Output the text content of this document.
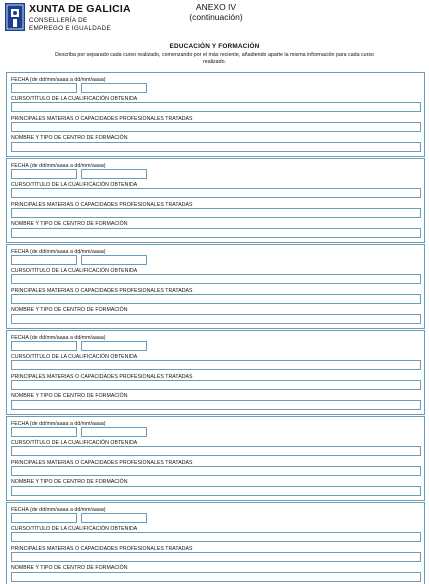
XUNTA DE GALICIA
CONSELLERÍA DE
EMPREGO E IGUALDADE
ANEXO IV
(continuación)
EDUCACIÓN Y FORMACIÓN
Describa por separado cada curso realizado, comenzando por el más reciente, añadiendo aparte la misma información para cada curso
realizado.
FECHA (de dd/mm/aaaa a dd/mm/aaaa)
CURSO/TÍTULO DE LA CUALIFICACIÓN OBTENIDA
PRINCIPALES MATERIAS O CAPACIDADES PROFESIONALES TRATADAS
NOMBRE Y TIPO DE CENTRO DE FORMACIÓN
FECHA (de dd/mm/aaaa a dd/mm/aaaa)
CURSO/TÍTULO DE LA CUALIFICACIÓN OBTENIDA
PRINCIPALES MATERIAS O CAPACIDADES PROFESIONALES TRATADAS
NOMBRE Y TIPO DE CENTRO DE FORMACIÓN
FECHA (de dd/mm/aaaa a dd/mm/aaaa)
CURSO/TÍTULO DE LA CUALIFICACIÓN OBTENIDA
PRINCIPALES MATERIAS O CAPACIDADES PROFESIONALES TRATADAS
NOMBRE Y TIPO DE CENTRO DE FORMACIÓN
FECHA (de dd/mm/aaaa a dd/mm/aaaa)
CURSO/TÍTULO DE LA CUALIFICACIÓN OBTENIDA
PRINCIPALES MATERIAS O CAPACIDADES PROFESIONALES TRATADAS
NOMBRE Y TIPO DE CENTRO DE FORMACIÓN
FECHA (de dd/mm/aaaa a dd/mm/aaaa)
CURSO/TÍTULO DE LA CUALIFICACIÓN OBTENIDA
PRINCIPALES MATERIAS O CAPACIDADES PROFESIONALES TRATADAS
NOMBRE Y TIPO DE CENTRO DE FORMACIÓN
FECHA (de dd/mm/aaaa a dd/mm/aaaa)
CURSO/TÍTULO DE LA CUALIFICACIÓN OBTENIDA
PRINCIPALES MATERIAS O CAPACIDADES PROFESIONALES TRATADAS
NOMBRE Y TIPO DE CENTRO DE FORMACIÓN
